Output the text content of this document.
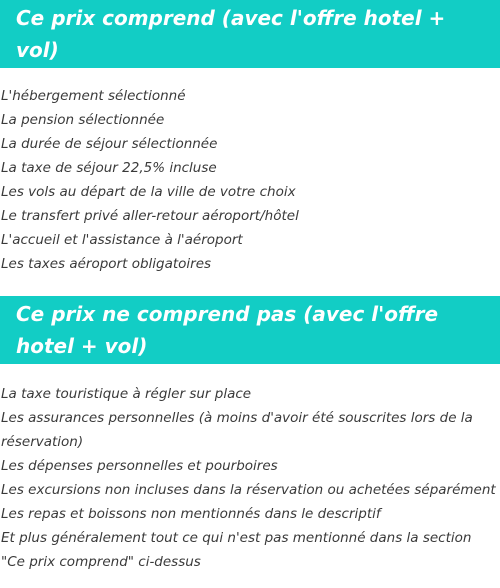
Ce prix comprend (avec l'offre hotel + vol)
L'hébergement sélectionné
La pension sélectionnée
La durée de séjour sélectionnée
La taxe de séjour 22,5% incluse
Les vols au départ de la ville de votre choix
Le transfert privé aller-retour aéroport/hôtel
L'accueil et l'assistance à l'aéroport
Les taxes aéroport obligatoires
Ce prix ne comprend pas (avec l'offre hotel + vol)
La taxe touristique à régler sur place
Les assurances personnelles (à moins d'avoir été souscrites lors de la réservation)
Les dépenses personnelles et pourboires
Les excursions non incluses dans la réservation ou achetées séparément
Les repas et boissons non mentionnés dans le descriptif
Et plus généralement tout ce qui n'est pas mentionné dans la section "Ce prix comprend" ci-dessus
